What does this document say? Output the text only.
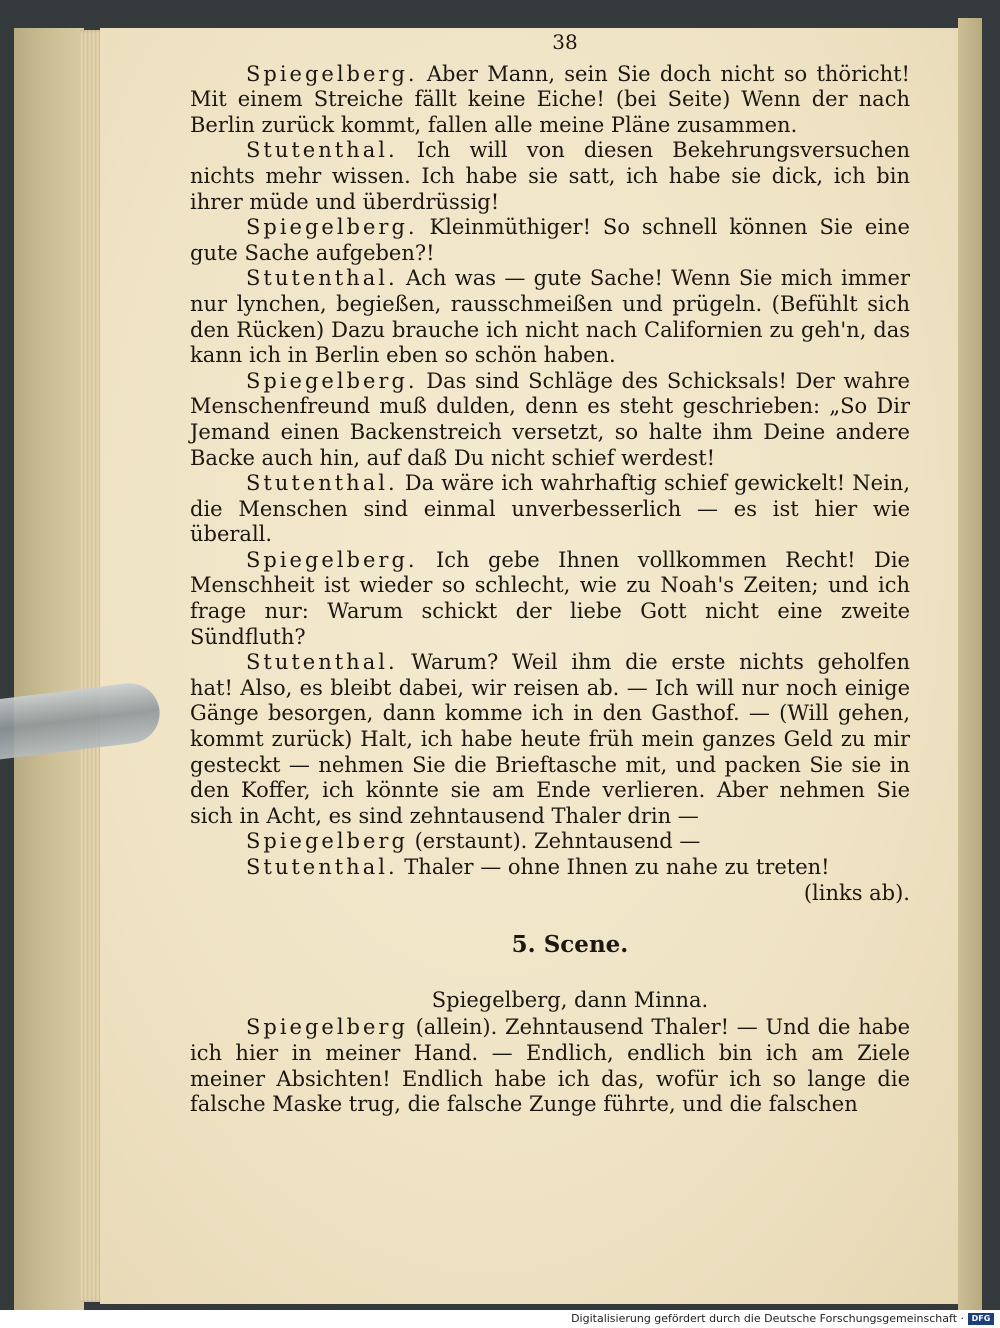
38

Spiegelberg. Aber Mann, sein Sie doch nicht so thöricht! Mit einem Streiche fällt keine Eiche! (bei Seite) Wenn der nach Berlin zurück kommt, fallen alle meine Pläne zusammen.

Stutenthal. Ich will von diesen Bekehrungsversuchen nichts mehr wissen. Ich habe sie satt, ich habe sie dick, ich bin ihrer müde und überdrüssig!

Spiegelberg. Kleinmüthiger! So schnell können Sie eine gute Sache aufgeben?!

Stutenthal. Ach was — gute Sache! Wenn Sie mich immer nur lynchen, begießen, rausschmeißen und prügeln. (Befühlt sich den Rücken) Dazu brauche ich nicht nach Californien zu geh'n, das kann ich in Berlin eben so schön haben.

Spiegelberg. Das sind Schläge des Schicksals! Der wahre Menschenfreund muß dulden, denn es steht geschrieben: „So Dir Jemand einen Backenstreich versetzt, so halte ihm Deine andere Backe auch hin, auf daß Du nicht schief werdest!

Stutenthal. Da wäre ich wahrhaftig schief gewickelt! Nein, die Menschen sind einmal unverbesserlich — es ist hier wie überall.

Spiegelberg. Ich gebe Ihnen vollkommen Recht! Die Menschheit ist wieder so schlecht, wie zu Noah's Zeiten; und ich frage nur: Warum schickt der liebe Gott nicht eine zweite Sündfluth?

Stutenthal. Warum? Weil ihm die erste nichts geholfen hat! Also, es bleibt dabei, wir reisen ab. — Ich will nur noch einige Gänge besorgen, dann komme ich in den Gasthof. — (Will gehen, kommt zurück) Halt, ich habe heute früh mein ganzes Geld zu mir gesteckt — nehmen Sie die Brieftasche mit, und packen Sie sie in den Koffer, ich könnte sie am Ende verlieren. Aber nehmen Sie sich in Acht, es sind zehntausend Thaler drin —

Spiegelberg (erstaunt). Zehntausend —

Stutenthal. Thaler — ohne Ihnen zu nahe zu treten!

(links ab).
5. Scene.
Spiegelberg, dann Minna.

Spiegelberg (allein). Zehntausend Thaler! — Und die habe ich hier in meiner Hand. — Endlich, endlich bin ich am Ziele meiner Absichten! Endlich habe ich das, wofür ich so lange die falsche Maske trug, die falsche Zunge führte, und die falschen

Digitalisierung gefördert durch die Deutsche Forschungsgemeinschaft · DFG
